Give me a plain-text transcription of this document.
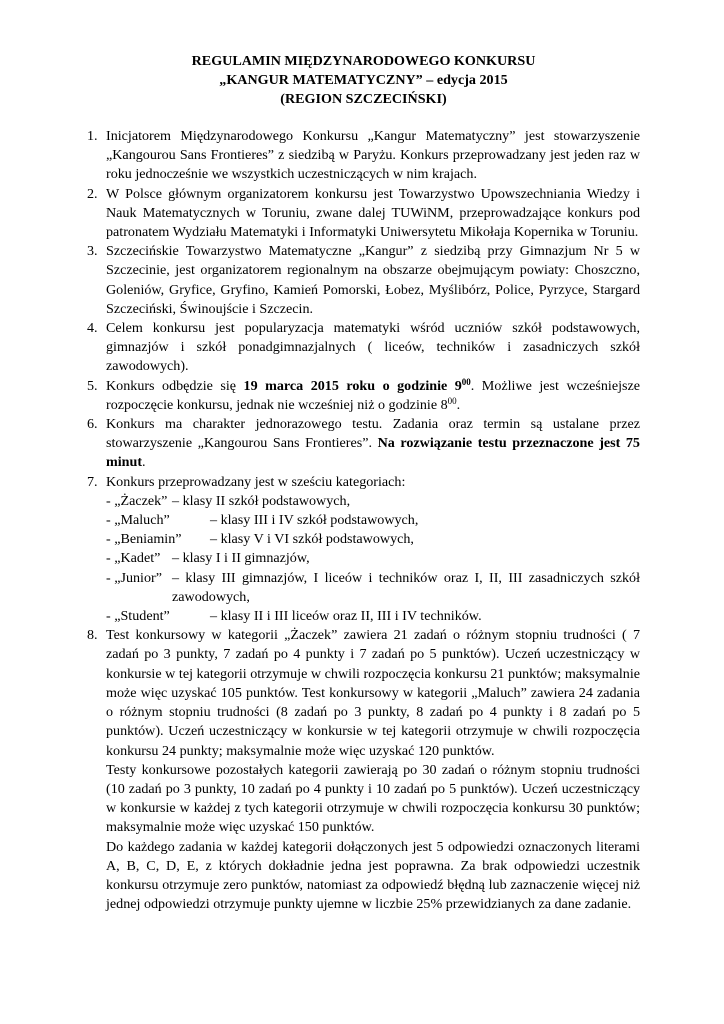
REGULAMIN MIĘDZYNARODOWEGO KONKURSU
„KANGUR MATEMATYCZNY” – edycja 2015
(REGION SZCZECIŃSKI)
1. Inicjatorem Międzynarodowego Konkursu „Kangur Matematyczny” jest stowarzyszenie „Kangourou Sans Frontieres” z siedzibą w Paryżu. Konkurs przeprowadzany jest jeden raz w roku jednocześnie we wszystkich uczestniczących w nim krajach.

2. W Polsce głównym organizatorem konkursu jest Towarzystwo Upowszechniania Wiedzy i Nauk Matematycznych w Toruniu, zwane dalej TUWiNM, przeprowadzające konkurs pod patronatem Wydziału Matematyki i Informatyki Uniwersytetu Mikołaja Kopernika w Toruniu.

3. Szczecińskie Towarzystwo Matematyczne „Kangur” z siedzibą przy Gimnazjum Nr 5 w Szczecinie, jest organizatorem regionalnym na obszarze obejmującym powiaty: Choszczno, Goleniów, Gryfice, Gryfino, Kamień Pomorski, Łobez, Myślibórz, Police, Pyrzyce, Stargard Szczeciński, Świnoujście i Szczecin.

4. Celem konkursu jest popularyzacja matematyki wśród uczniów szkół podstawowych, gimnazjów i szkół ponadgimnazjalnych ( liceów, techników i zasadniczych szkół zawodowych).

5. Konkurs odbędzie się 19 marca 2015 roku o godzinie $9^{00}$. Możliwe jest wcześniejsze rozpoczęcie konkursu, jednak nie wcześniej niż o godzinie $8^{00}$.

6. Konkurs ma charakter jednorazowego testu. Zadania oraz termin są ustalane przez stowarzyszenie „Kangourou Sans Frontieres”. Na rozwiązanie testu przeznaczone jest 75 minut.

7. Konkurs przeprowadzany jest w sześciu kategoriach:
- „Żaczek” – klasy II szkół podstawowych,
- „Maluch”	– klasy III i IV szkół podstawowych,
- „Beniamin” – klasy V i VI szkół podstawowych,
- „Kadet” – klasy I i II gimnazjów,
- „Junior” – klasy III gimnazjów, I liceów i techników oraz I, II, III zasadniczych szkół zawodowych,
- „Student”	– klasy II i III liceów oraz II, III i IV techników.
8. Test konkursowy w kategorii „Żaczek” zawiera 21 zadań o różnym stopniu trudności ( 7 zadań po 3 punkty, 7 zadań po 4 punkty i 7 zadań po 5 punktów). Uczeń uczestniczący w konkursie w tej kategorii otrzymuje w chwili rozpoczęcia konkursu 21 punktów; maksymalnie może więc uzyskać 105 punktów. Test konkursowy w kategorii „Maluch” zawiera 24 zadania o różnym stopniu trudności (8 zadań po 3 punkty, 8 zadań po 4 punkty i 8 zadań po 5 punktów). Uczeń uczestniczący w konkursie w tej kategorii otrzymuje w chwili rozpoczęcia konkursu 24 punkty; maksymalnie może więc uzyskać 120 punktów.

Testy konkursowe pozostałych kategorii zawierają po 30 zadań o różnym stopniu trudności (10 zadań po 3 punkty, 10 zadań po 4 punkty i 10 zadań po 5 punktów). Uczeń uczestniczący w konkursie w każdej z tych kategorii otrzymuje w chwili rozpoczęcia konkursu 30 punktów; maksymalnie może więc uzyskać 150 punktów.

Do każdego zadania w każdej kategorii dołączonych jest 5 odpowiedzi oznaczonych literami A, B, C, D, E, z których dokładnie jedna jest poprawna. Za brak odpowiedzi uczestnik konkursu otrzymuje zero punktów, natomiast za odpowiedź błędną lub zaznaczenie więcej niż jednej odpowiedzi otrzymuje punkty ujemne w liczbie 25% przewidzianych za dane zadanie.
